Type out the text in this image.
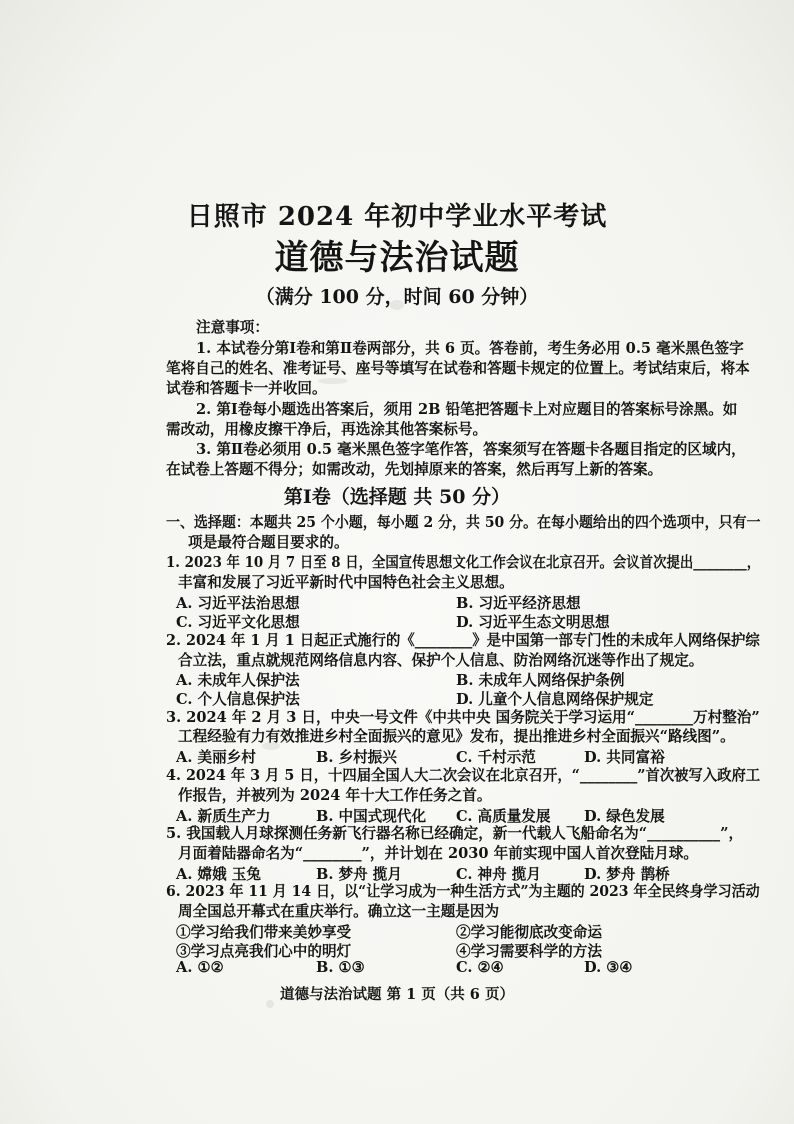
日照市 2024 年初中学业水平考试
道德与法治试题
（满分 100 分，时间 60 分钟）
注意事项：
1. 本试卷分第Ⅰ卷和第Ⅱ卷两部分，共 6 页。答卷前，考生务必用 0.5 毫米黑色签字
笔将自己的姓名、准考证号、座号等填写在试卷和答题卡规定的位置上。考试结束后，将本
试卷和答题卡一并收回。
2. 第Ⅰ卷每小题选出答案后，须用 2B 铅笔把答题卡上对应题目的答案标号涂黑。如
需改动，用橡皮擦干净后，再选涂其他答案标号。
3. 第Ⅱ卷必须用 0.5 毫米黑色签字笔作答，答案须写在答题卡各题目指定的区域内，
在试卷上答题不得分；如需改动，先划掉原来的答案，然后再写上新的答案。
第Ⅰ卷（选择题 共 50 分）
一、选择题：本题共 25 个小题，每小题 2 分，共 50 分。在每小题给出的四个选项中，只有一
项是最符合题目要求的。
1. 2023 年 10 月 7 日至 8 日，全国宣传思想文化工作会议在北京召开。会议首次提出________，
丰富和发展了习近平新时代中国特色社会主义思想。
A. 习近平法治思想	B. 习近平经济思想
C. 习近平文化思想	D. 习近平生态文明思想
2. 2024 年 1 月 1 日起正式施行的《________》是中国第一部专门性的未成年人网络保护综
合立法，重点就规范网络信息内容、保护个人信息、防治网络沉迷等作出了规定。
A. 未成年人保护法	B. 未成年人网络保护条例
C. 个人信息保护法	D. 儿童个人信息网络保护规定
3. 2024 年 2 月 3 日，中央一号文件《中共中央 国务院关于学习运用“________万村整治”
工程经验有力有效推进乡村全面振兴的意见》发布，提出推进乡村全面振兴“路线图”。
A. 美丽乡村	B. 乡村振兴	C. 千村示范	D. 共同富裕
4. 2024 年 3 月 5 日，十四届全国人大二次会议在北京召开，“________”首次被写入政府工
作报告，并被列为 2024 年十大工作任务之首。
A. 新质生产力	B. 中国式现代化 C. 高质量发展 D. 绿色发展
5. 我国载人月球探测任务新飞行器名称已经确定，新一代载人飞船命名为“__________”，
月面着陆器命名为“________”，并计划在 2030 年前实现中国人首次登陆月球。
A. 嫦娥 玉兔	B. 梦舟 揽月	C. 神舟 揽月	D. 梦舟 鹊桥
6. 2023 年 11 月 14 日，以“让学习成为一种生活方式”为主题的 2023 年全民终身学习活动
周全国总开幕式在重庆举行。确立这一主题是因为
①学习给我们带来美妙享受	②学习能彻底改变命运
③学习点亮我们心中的明灯	④学习需要科学的方法
A. ①②	B. ①③	C. ②④	D. ③④
道德与法治试题 第 1 页（共 6 页）
